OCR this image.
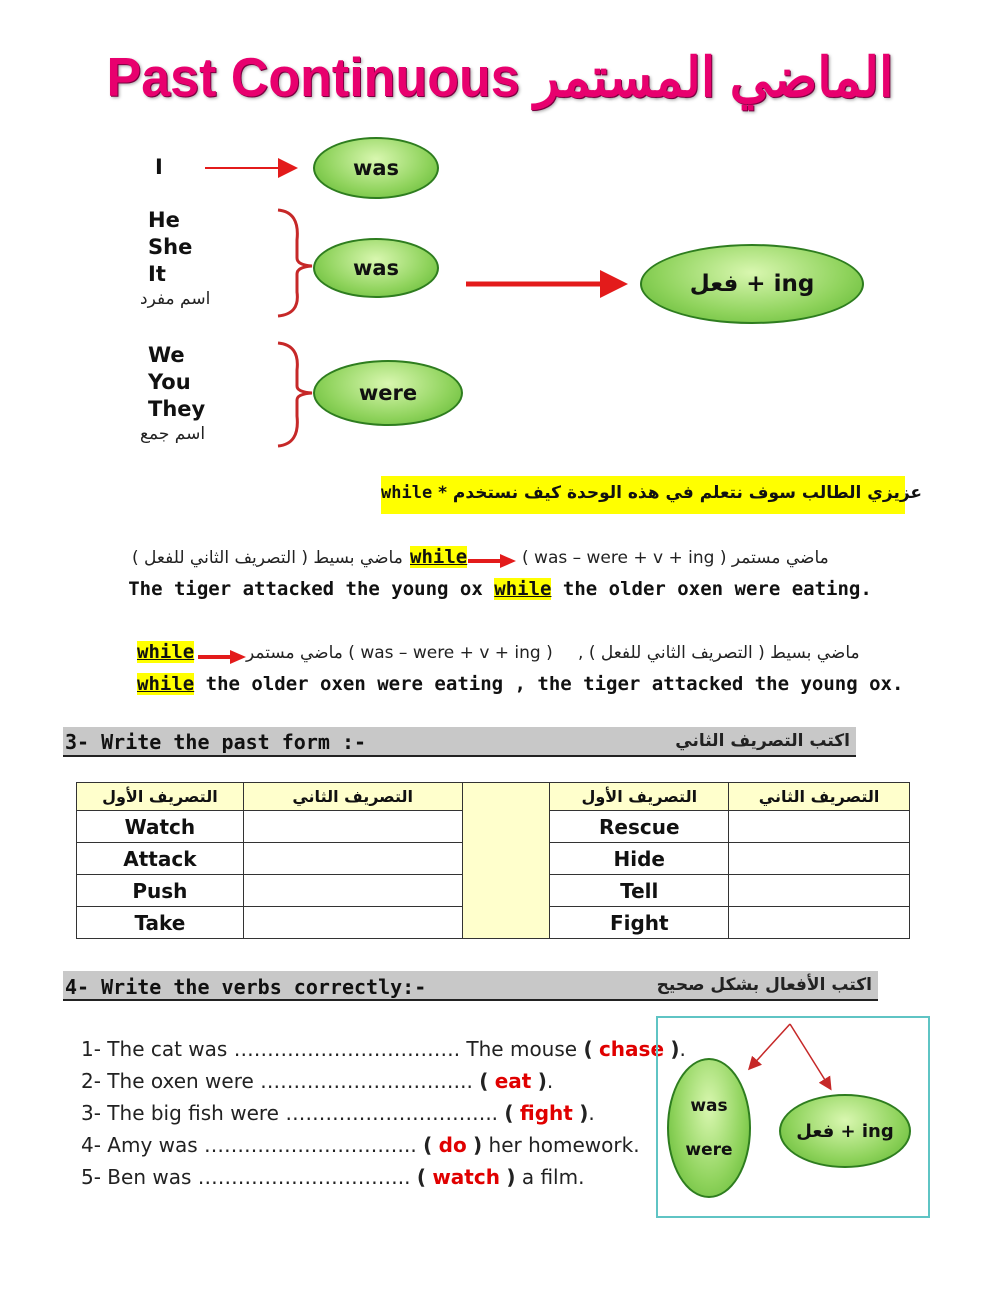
Past Continuous الماضي المستمر
I	was
He
She
It
اسم مفرد
was
We
You
They
اسم جمع
were
فعل + ing
while * عزيزي الطالب سوف نتعلم في هذه الوحدة كيف نستخدم
ماضي بسيط ( التصريف الثاني للفعل ) while	( was – were + v + ing ) ماضي مستمر
The tiger attacked the young ox while the older oxen were eating.
while	ماضي مستمر ( was – were + v + ing ) , ماضي بسيط ( التصريف الثاني للفعل )
while the older oxen were eating , the tiger attacked the young ox.
3- Write the past form :-	اكتب التصريف الثاني
التصريف الأول	التصريف الثاني		التصريف الأول	التصريف الثاني
Watch			Rescue	
Attack			Hide	
Push			Tell	
Take			Fight	
4- Write the verbs correctly:-	اكتب الأفعال بشكل صحيح
1- The cat was ……………………………. The mouse ( chase ).
2- The oxen were ………………………….. ( eat ).
3- The big fish were ………………………….. ( fight ).
4- Amy was ………………………….. ( do ) her homework.
5- Ben was ………………………….. ( watch ) a film.
was
were
فعل + ing
